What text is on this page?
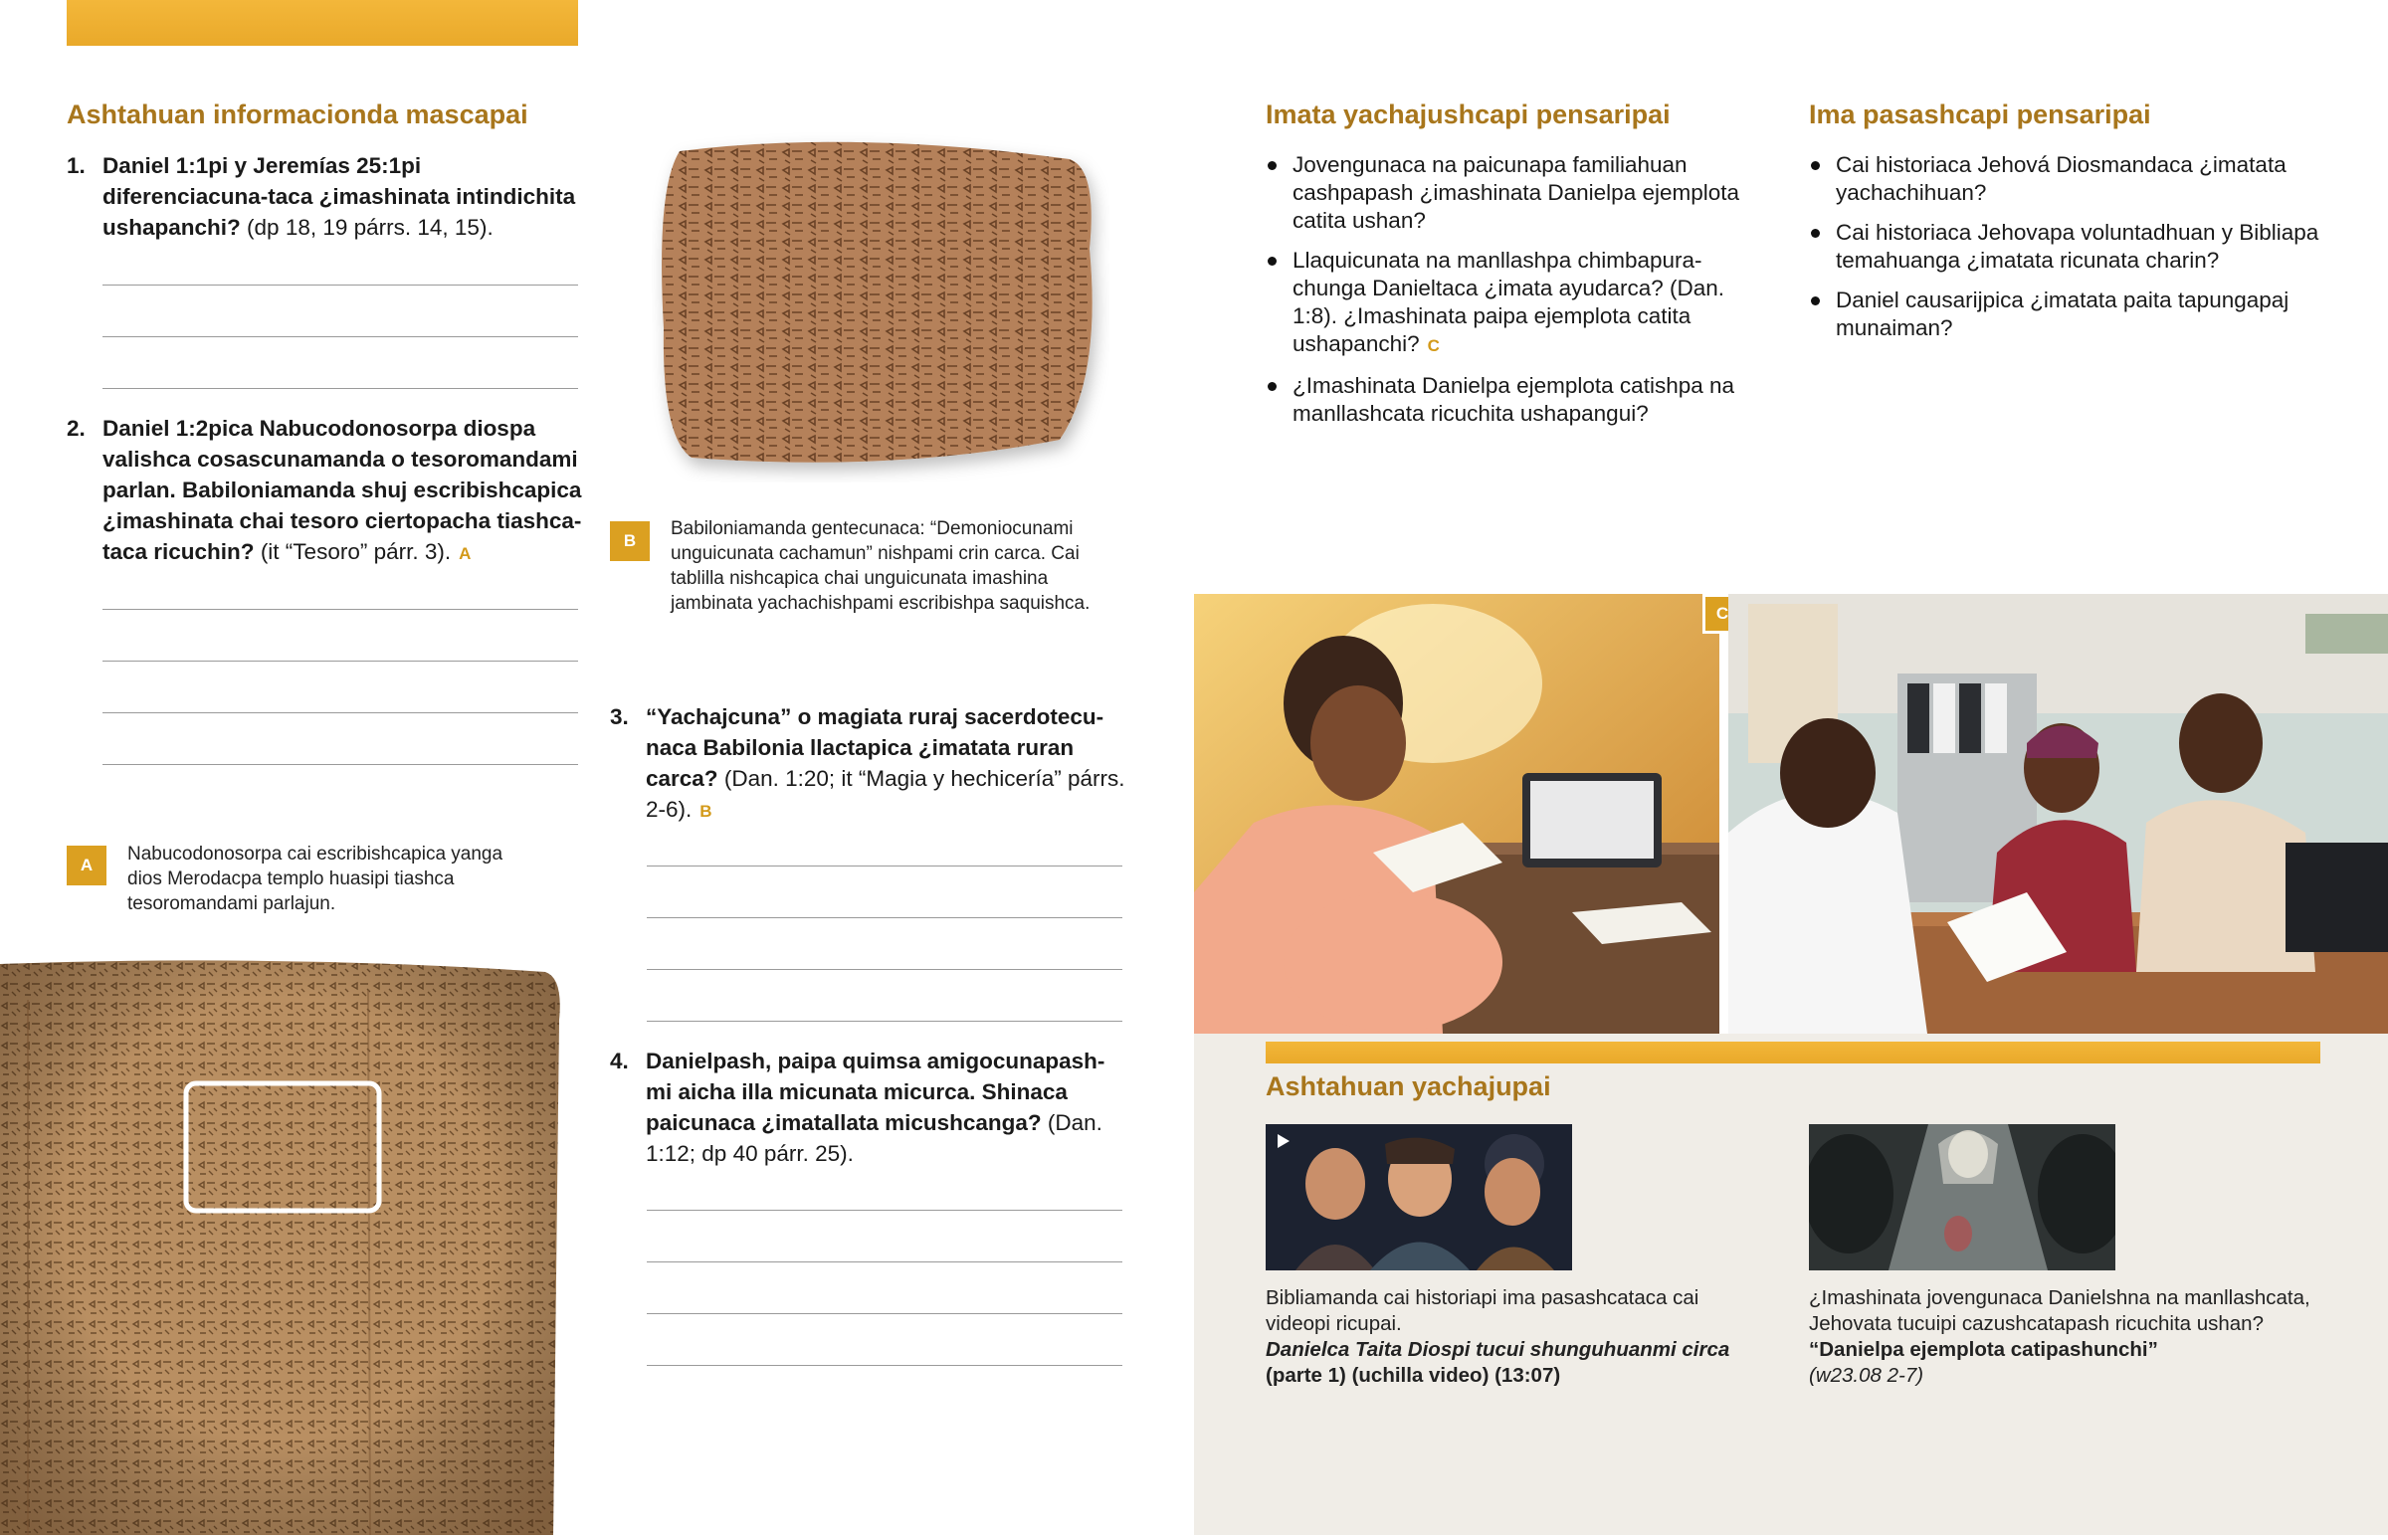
Ashtahuan informacionda mascapai
1. Daniel 1:1pi y Jeremías 25:1pi diferenciacuna-taca ¿imashinata intindichita ushapanchi? (dp 18, 19 párrs. 14, 15).
2. Daniel 1:2pica Nabucodonosorpa diospa valishca cosascunamanda o tesoromandami parlan. Babiloniamanda shuj escribishcapica ¿imashinata chai tesoro ciertopacha tiashca-taca ricuchin? (it “Tesoro” párr. 3). A
A
Nabucodonosorpa cai escribishcapica yanga dios Merodacpa templo huasipi tiashca tesoromandami parlajun.
B
Babiloniamanda gentecunaca: “Demoniocunami unguicunata cachamun” nishpami crin carca. Cai tablilla nishcapica chai unguicunata imashina jambinata yachachishpami escribishpa saquishca.
3. “Yachajcuna” o magiata ruraj sacerdotecu-naca Babilonia llactapica ¿imatata ruran carca? (Dan. 1:20; it “Magia y hechicería” párrs. 2-6). B
4. Danielpash, paipa quimsa amigocunapash-mi aicha illa micunata micurca. Shinaca paicunaca ¿imatallata micushcanga? (Dan. 1:12; dp 40 párr. 25).
Imata yachajushcapi pensaripai
Jovengunaca na paicunapa familiahuan cashpapash ¿imashinata Danielpa ejemplota catita ushan?
Llaquicunata na manllashpa chimbapura-chunga Danieltaca ¿imata ayudarca? (Dan. 1:8). ¿Imashinata paipa ejemplota catita ushapanchi? C
¿Imashinata Danielpa ejemplota catishpa na manllashcata ricuchita ushapangui?
Ima pasashcapi pensaripai
Cai historiaca Jehová Diosmandaca ¿imatata yachachihuan?
Cai historiaca Jehovapa voluntadhuan y Bibliapa temahuanga ¿imatata ricunata charin?
Daniel causarijpica ¿imatata paita tapungapaj munaiman?
C
Ashtahuan yachajupai
Bibliamanda cai historiapi ima pasashcataca cai videopi ricupai.
Danielca Taita Diospi tucui shunguhuanmi circa
(parte 1) (uchilla video) (13:07)
¿Imashinata jovengunaca Danielshna na manllashcata, Jehovata tucuipi cazushcatapash ricuchita ushan?
“Danielpa ejemplota catipashunchi”
(w23.08 2-7)
